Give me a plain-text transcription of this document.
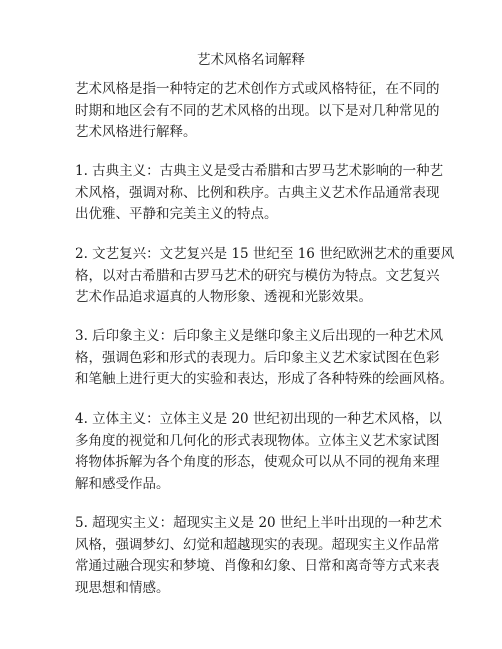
艺术风格名词解释
艺术风格是指一种特定的艺术创作方式或风格特征，在不同的
时期和地区会有不同的艺术风格的出现。以下是对几种常见的
艺术风格进行解释。
1. 古典主义：古典主义是受古希腊和古罗马艺术影响的一种艺
术风格，强调对称、比例和秩序。古典主义艺术作品通常表现
出优雅、平静和完美主义的特点。
2. 文艺复兴：文艺复兴是 15 世纪至 16 世纪欧洲艺术的重要风
格，以对古希腊和古罗马艺术的研究与模仿为特点。文艺复兴
艺术作品追求逼真的人物形象、透视和光影效果。
3. 后印象主义：后印象主义是继印象主义后出现的一种艺术风
格，强调色彩和形式的表现力。后印象主义艺术家试图在色彩
和笔触上进行更大的实验和表达，形成了各种特殊的绘画风格。
4. 立体主义：立体主义是 20 世纪初出现的一种艺术风格，以
多角度的视觉和几何化的形式表现物体。立体主义艺术家试图
将物体拆解为各个角度的形态，使观众可以从不同的视角来理
解和感受作品。
5. 超现实主义：超现实主义是 20 世纪上半叶出现的一种艺术
风格，强调梦幻、幻觉和超越现实的表现。超现实主义作品常
常通过融合现实和梦境、肖像和幻象、日常和离奇等方式来表
现思想和情感。
